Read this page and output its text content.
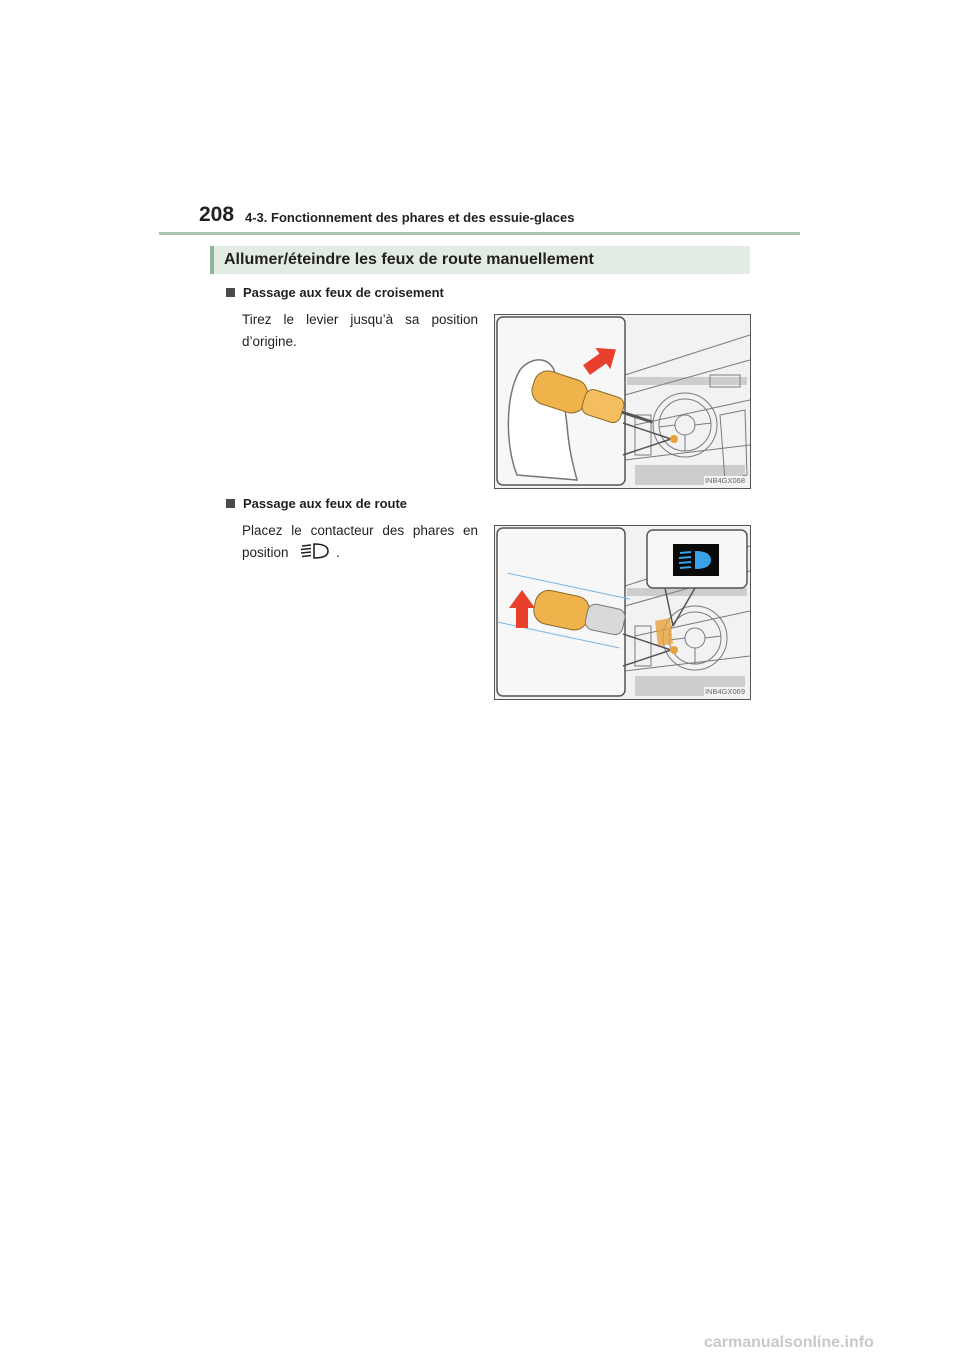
208 4-3. Fonctionnement des phares et des essuie-glaces
Allumer/éteindre les feux de route manuellement
Passage aux feux de croisement
Tirez le levier jusqu’à sa position d’origine.
INB4GX068
Passage aux feux de route
Placez le contacteur des phares en position	.
INB4GX069
carmanualsonline.info
